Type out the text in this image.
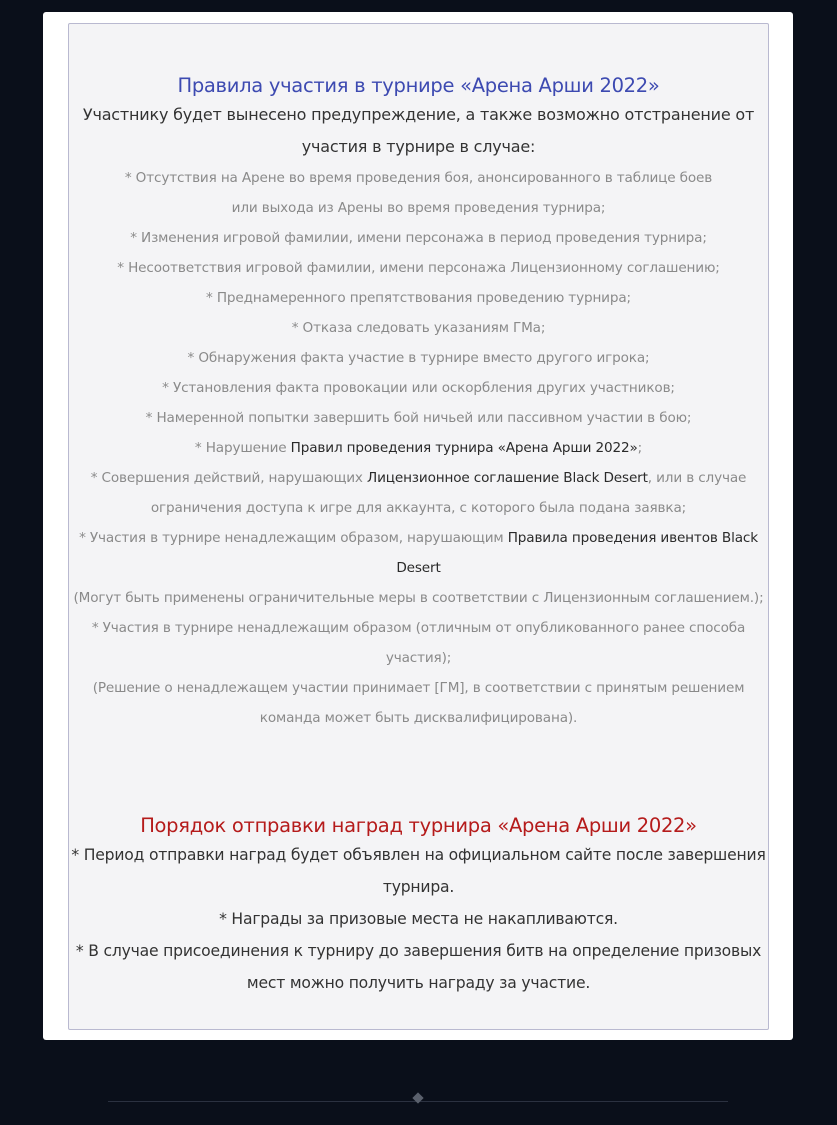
Правила участия в турнире «Арена Арши 2022»
Участнику будет вынесено предупреждение, а также возможно отстранение от
участия в турнире в случае:
* Отсутствия на Арене во время проведения боя, анонсированного в таблице боев
или выхода из Арены во время проведения турнира;
* Изменения игровой фамилии, имени персонажа в период проведения турнира;
* Несоответствия игровой фамилии, имени персонажа Лицензионному соглашению;
* Преднамеренного препятствования проведению турнира;
* Отказа следовать указаниям ГМа;
* Обнаружения факта участие в турнире вместо другого игрока;
* Установления факта провокации или оскорбления других участников;
* Намеренной попытки завершить бой ничьей или пассивном участии в бою;
* Нарушение Правил проведения турнира «Арена Арши 2022»;
* Совершения действий, нарушающих Лицензионное соглашение Black Desert, или в случае
ограничения доступа к игре для аккаунта, с которого была подана заявка;
* Участия в турнире ненадлежащим образом, нарушающим Правила проведения ивентов Black
Desert
(Могут быть применены ограничительные меры в соответствии с Лицензионным соглашением.);
* Участия в турнире ненадлежащим образом (отличным от опубликованного ранее способа
участия);
(Решение о ненадлежащем участии принимает [ГМ], в соответствии с принятым решением
команда может быть дисквалифицирована).
Порядок отправки наград турнира «Арена Арши 2022»
* Период отправки наград будет объявлен на официальном сайте после завершения
турнира.
* Награды за призовые места не накапливаются.
* В случае присоединения к турниру до завершения битв на определение призовых
мест можно получить награду за участие.
